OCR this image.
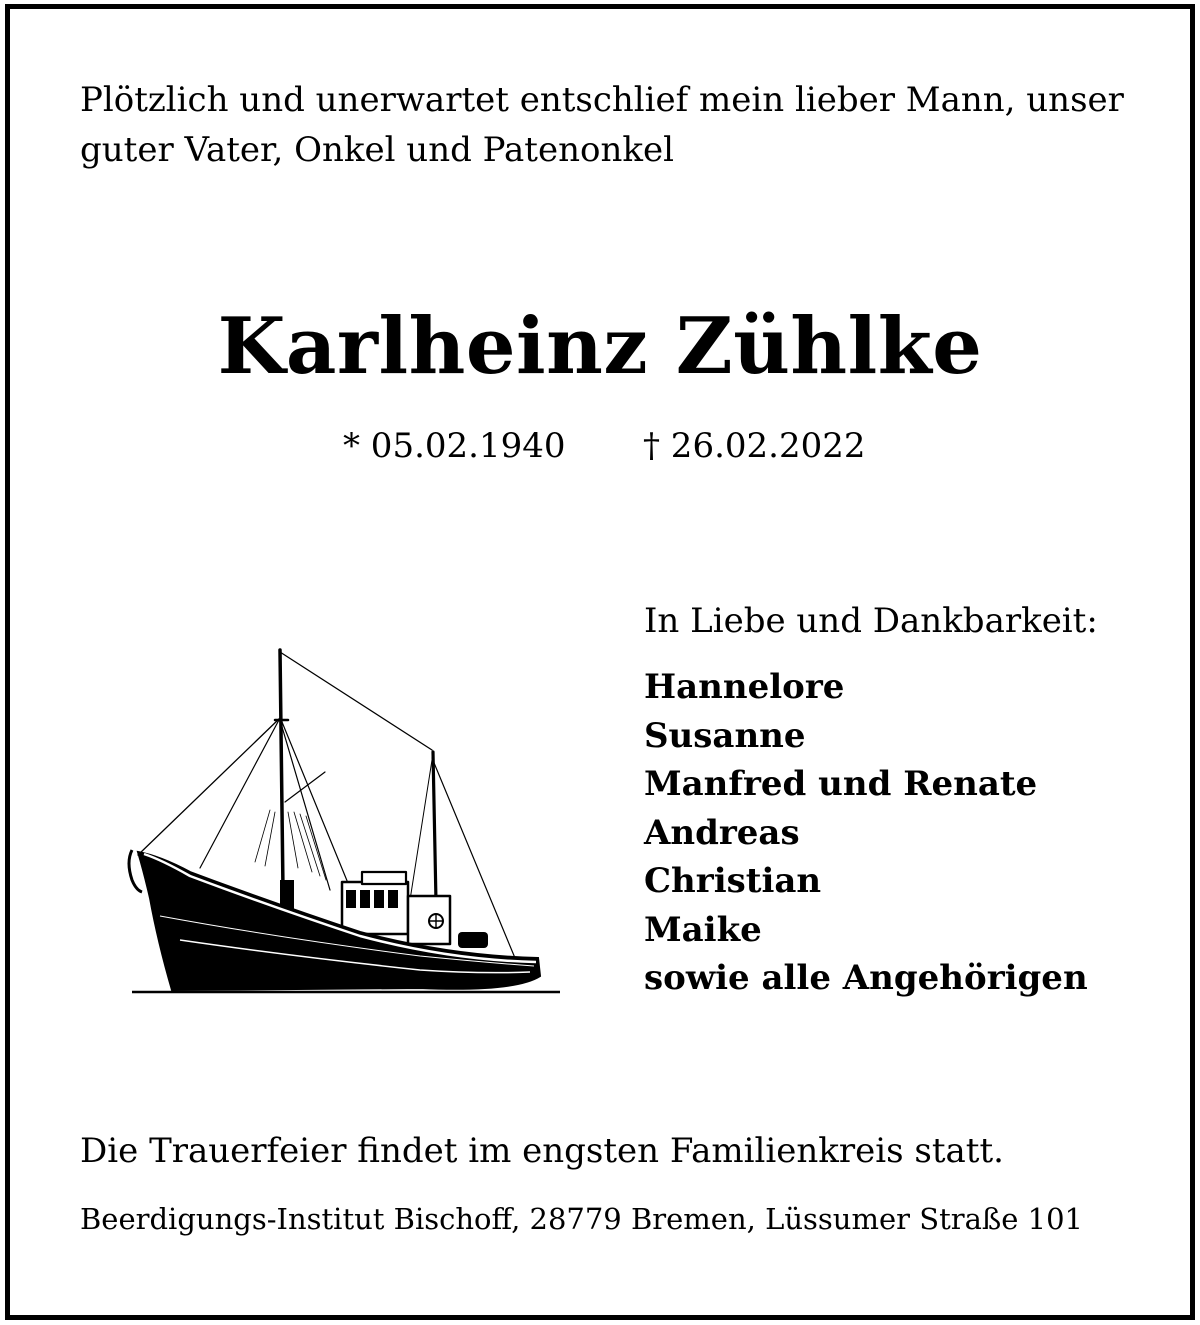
Plötzlich und unerwartet entschlief mein lieber Mann, unser
guter Vater, Onkel und Patenonkel
Karlheinz Zühlke
* 05.02.1940 † 26.02.2022
In Liebe und Dankbarkeit:
Hannelore
Susanne
Manfred und Renate
Andreas
Christian
Maike
sowie alle Angehörigen
Die Trauerfeier findet im engsten Familienkreis statt.
Beerdigungs-Institut Bischoff, 28779 Bremen, Lüssumer Straße 101
